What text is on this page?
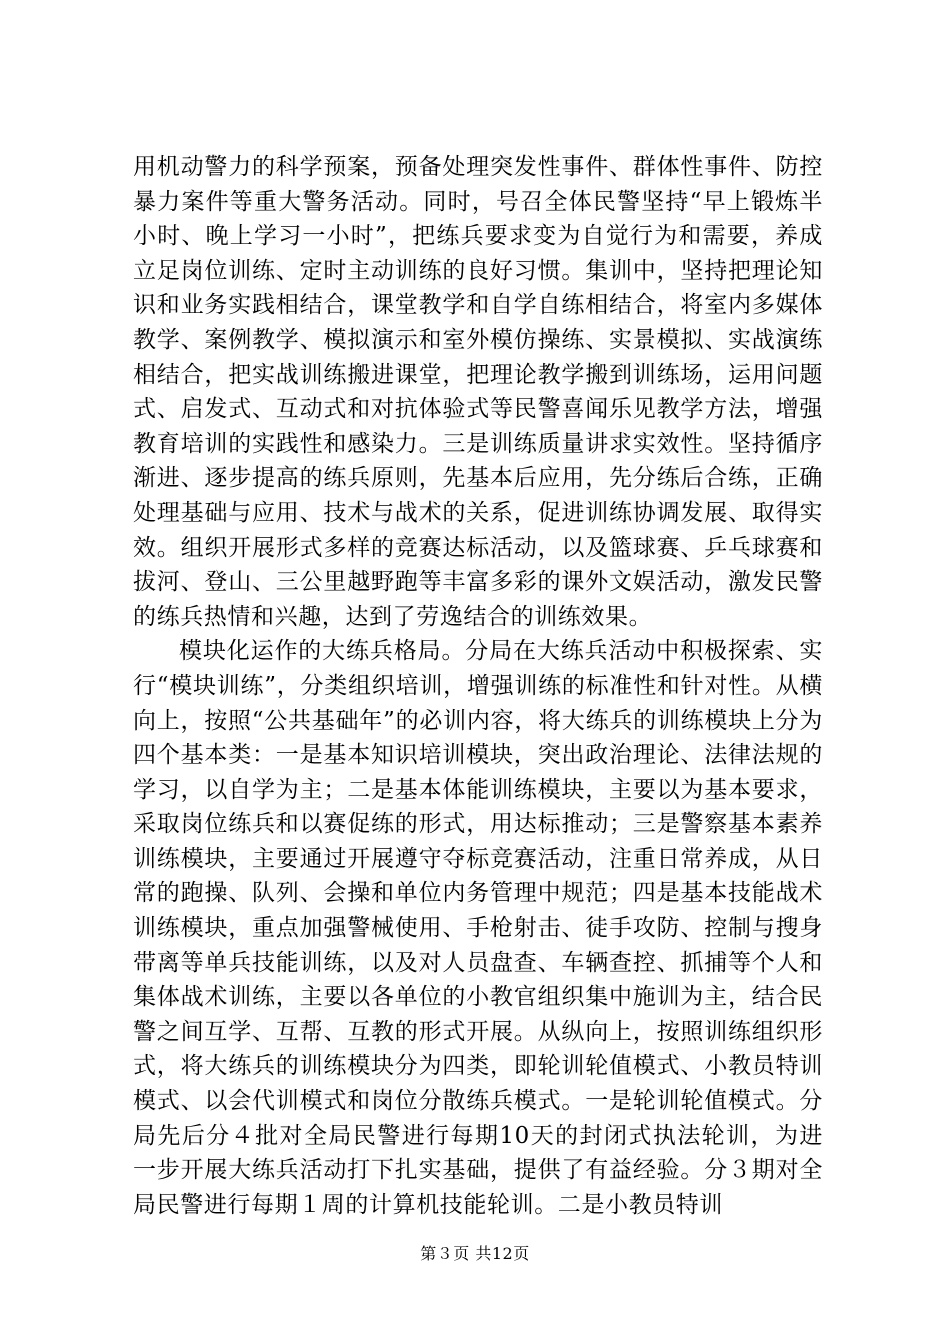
用机动警力的科学预案，预备处理突发性事件、群体性事件、防控暴力案件等重大警务活动。同时，号召全体民警坚持“早上锻炼半小时、晚上学习一小时”，把练兵要求变为自觉行为和需要，养成立足岗位训练、定时主动训练的良好习惯。集训中，坚持把理论知识和业务实践相结合，课堂教学和自学自练相结合，将室内多媒体教学、案例教学、模拟演示和室外模仿操练、实景模拟、实战演练相结合，把实战训练搬进课堂，把理论教学搬到训练场，运用问题式、启发式、互动式和对抗体验式等民警喜闻乐见教学方法，增强教育培训的实践性和感染力。三是训练质量讲求实效性。坚持循序渐进、逐步提高的练兵原则，先基本后应用，先分练后合练，正确处理基础与应用、技术与战术的关系，促进训练协调发展、取得实效。组织开展形式多样的竞赛达标活动，以及篮球赛、乒乓球赛和拔河、登山、三公里越野跑等丰富多彩的课外文娱活动，激发民警的练兵热情和兴趣，达到了劳逸结合的训练效果。

模块化运作的大练兵格局。分局在大练兵活动中积极探索、实行“模块训练”，分类组织培训，增强训练的标准性和针对性。从横向上，按照“公共基础年”的必训内容，将大练兵的训练模块上分为四个基本类：一是基本知识培训模块，突出政治理论、法律法规的学习，以自学为主；二是基本体能训练模块，主要以为基本要求，采取岗位练兵和以赛促练的形式，用达标推动；三是警察基本素养训练模块，主要通过开展遵守夺标竞赛活动，注重日常养成，从日常的跑操、队列、会操和单位内务管理中规范；四是基本技能战术训练模块，重点加强警械使用、手枪射击、徒手攻防、控制与搜身带离等单兵技能训练，以及对人员盘查、车辆查控、抓捕等个人和集体战术训练，主要以各单位的小教官组织集中施训为主，结合民警之间互学、互帮、互教的形式开展。从纵向上，按照训练组织形式，将大练兵的训练模块分为四类，即轮训轮值模式、小教员特训模式、以会代训模式和岗位分散练兵模式。一是轮训轮值模式。分局先后分４批对全局民警进行每期10天的封闭式执法轮训，为进一步开展大练兵活动打下扎实基础，提供了有益经验。分３期对全局民警进行每期１周的计算机技能轮训。二是小教员特训

第３页 共12页
